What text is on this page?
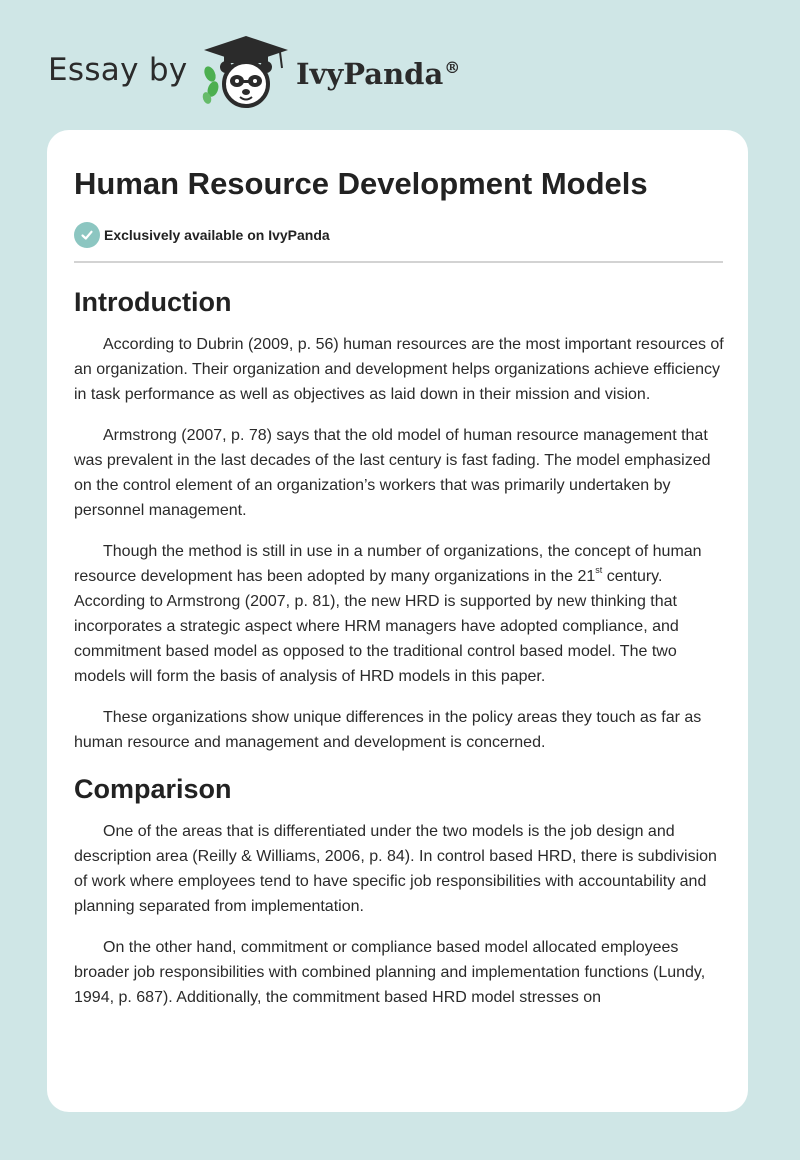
Essay by	IvyPanda®
Human Resource Development Models
Exclusively available on IvyPanda
Introduction

According to Dubrin (2009, p. 56) human resources are the most important resources of an organization. Their organization and development helps organizations achieve efficiency in task performance as well as objectives as laid down in their mission and vision.

Armstrong (2007, p. 78) says that the old model of human resource management that was prevalent in the last decades of the last century is fast fading. The model emphasized on the control element of an organization’s workers that was primarily undertaken by personnel management.

Though the method is still in use in a number of organizations, the concept of human resource development has been adopted by many organizations in the 21st century. According to Armstrong (2007, p. 81), the new HRD is supported by new thinking that incorporates a strategic aspect where HRM managers have adopted compliance, and commitment based model as opposed to the traditional control based model. The two models will form the basis of analysis of HRD models in this paper.

These organizations show unique differences in the policy areas they touch as far as human resource and management and development is concerned.

Comparison

One of the areas that is differentiated under the two models is the job design and description area (Reilly & Williams, 2006, p. 84). In control based HRD, there is subdivision of work where employees tend to have specific job responsibilities with accountability and planning separated from implementation.

On the other hand, commitment or compliance based model allocated employees broader job responsibilities with combined planning and implementation functions (Lundy, 1994, p. 687). Additionally, the commitment based HRD model stresses on
